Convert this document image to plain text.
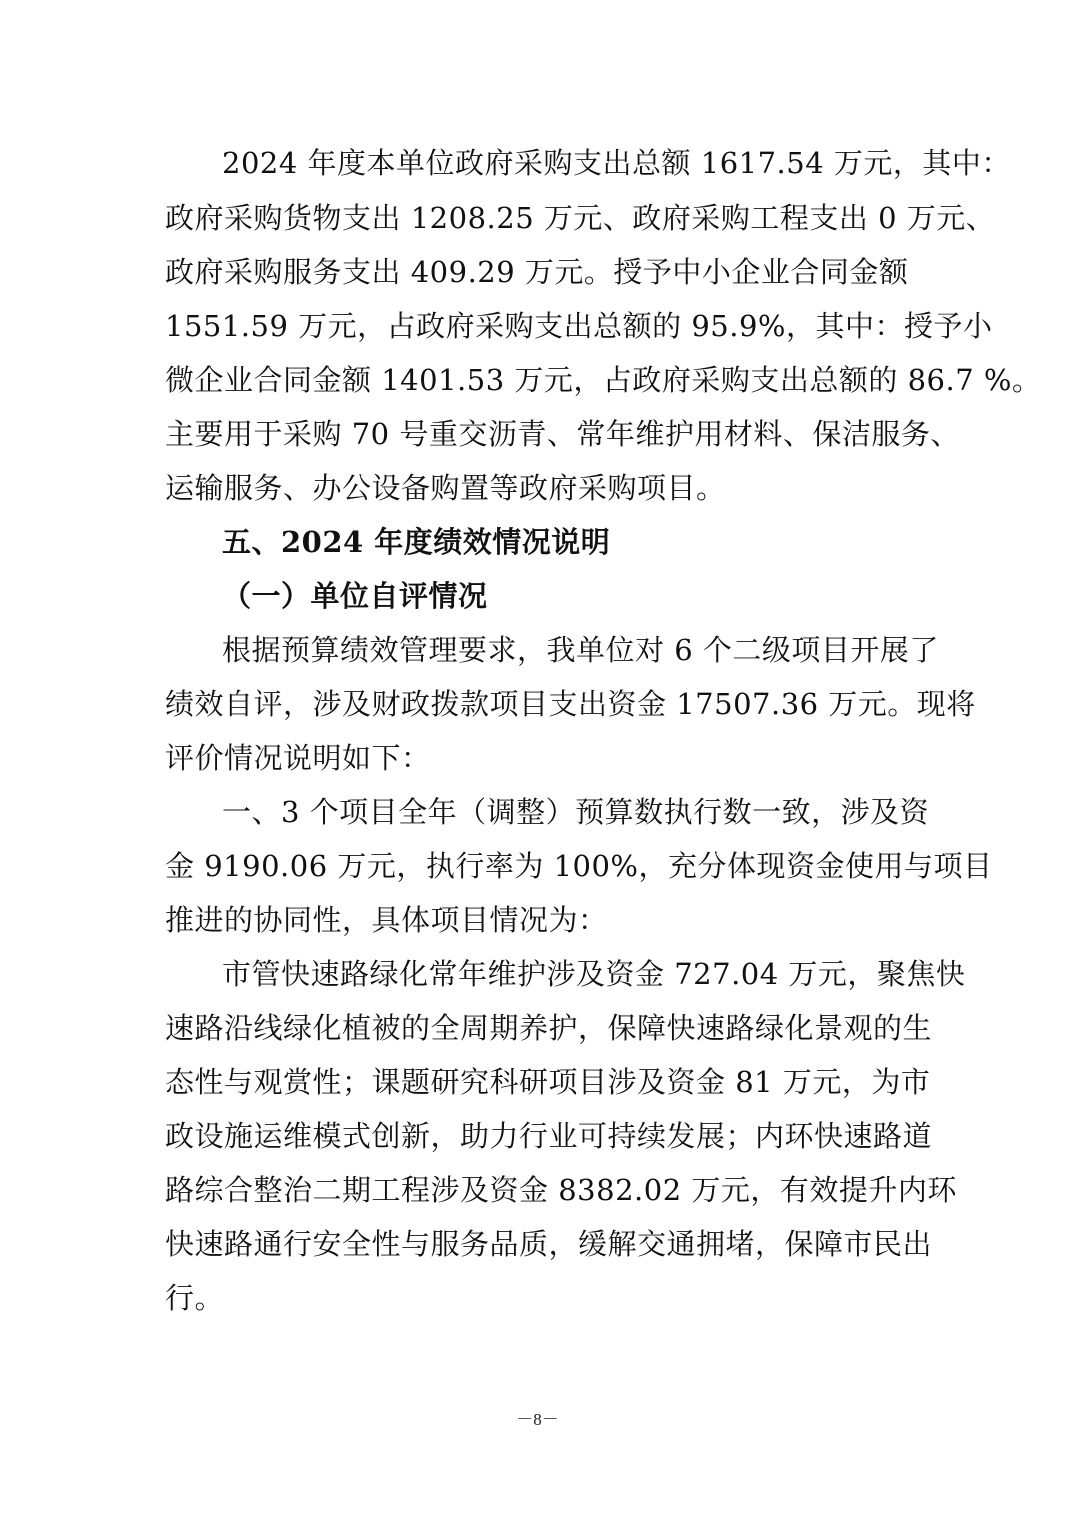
2024 年度本单位政府采购支出总额 1617.54 万元，其中：
政府采购货物支出 1208.25 万元、政府采购工程支出 0 万元、
政府采购服务支出 409.29 万元。授予中小企业合同金额
1551.59 万元，占政府采购支出总额的 95.9%，其中：授予小
微企业合同金额 1401.53 万元，占政府采购支出总额的 86.7 %。
主要用于采购 70 号重交沥青、常年维护用材料、保洁服务、
运输服务、办公设备购置等政府采购项目。
五、2024 年度绩效情况说明
（一）单位自评情况
根据预算绩效管理要求，我单位对 6 个二级项目开展了
绩效自评，涉及财政拨款项目支出资金 17507.36 万元。现将
评价情况说明如下：
一、3 个项目全年（调整）预算数执行数一致，涉及资
金 9190.06 万元，执行率为 100%，充分体现资金使用与项目
推进的协同性，具体项目情况为：
市管快速路绿化常年维护涉及资金 727.04 万元，聚焦快
速路沿线绿化植被的全周期养护，保障快速路绿化景观的生
态性与观赏性；课题研究科研项目涉及资金 81 万元，为市
政设施运维模式创新，助力行业可持续发展；内环快速路道
路综合整治二期工程涉及资金 8382.02 万元，有效提升内环
快速路通行安全性与服务品质，缓解交通拥堵，保障市民出
行。
－8－
